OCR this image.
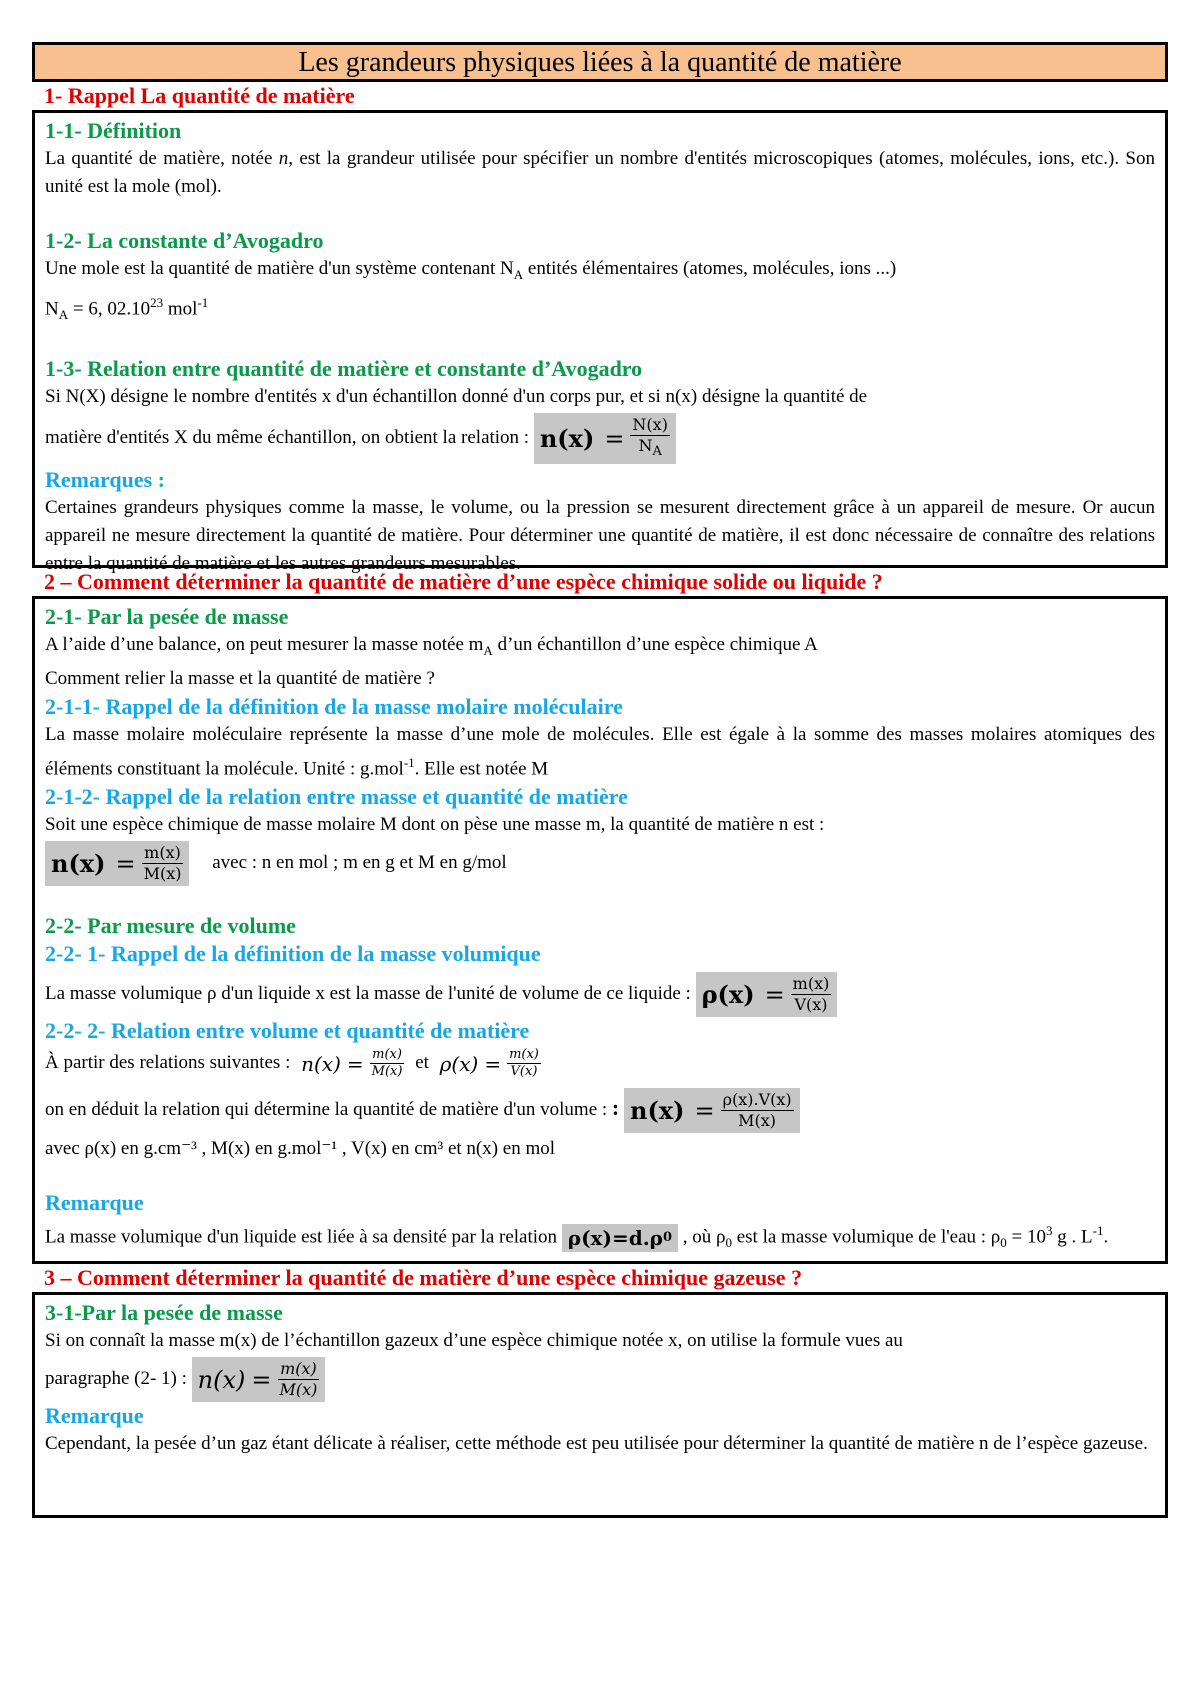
Les grandeurs physiques liées à la quantité de matière
1- Rappel La quantité de matière
1-1- Définition

La quantité de matière, notée n, est la grandeur utilisée pour spécifier un nombre d'entités microscopiques (atomes, molécules, ions, etc.). Son unité est la mole (mol).

1-2- La constante d’Avogadro

Une mole est la quantité de matière d'un système contenant $N_A$ entités élémentaires (atomes, molécules, ions ...)

$N_A = 6$, 02.10$^{23}$ mol$^{-1}$

1-3- Relation entre quantité de matière et constante d’Avogadro

Si N(X) désigne le nombre d'entités x d'un échantillon donné d'un corps pur, et si n(x) désigne la quantité de

matière d'entités X du même échantillon, on obtient la relation : $n(x) = \frac{N(x)}{N_A}$

Remarques :

Certaines grandeurs physiques comme la masse, le volume, ou la pression se mesurent directement grâce à un appareil de mesure. Or aucun appareil ne mesure directement la quantité de matière. Pour déterminer une quantité de matière, il est donc nécessaire de connaître des relations entre la quantité de matière et les autres grandeurs mesurables.

2 – Comment déterminer la quantité de matière d’une espèce chimique solide ou liquide ?
2-1- Par la pesée de masse

A l’aide d’une balance, on peut mesurer la masse notée $m_A$ d’un échantillon d’une espèce chimique A

Comment relier la masse et la quantité de matière ?

2-1-1- Rappel de la définition de la masse molaire moléculaire

La masse molaire moléculaire représente la masse d’une mole de molécules. Elle est égale à la somme des masses molaires atomiques des éléments constituant la molécule. Unité : g.mol$^{-1}$. Elle est notée M

2-1-2- Rappel de la relation entre masse et quantité de matière

Soit une espèce chimique de masse molaire M dont on pèse une masse m, la quantité de matière n est :

$n(x) = \frac{m(x)}{M(x)}$ avec : n en mol ; m en g et M en g/mol
2-2- Par mesure de volume
2-2- 1- Rappel de la définition de la masse volumique

La masse volumique ρ d'un liquide x est la masse de l'unité de volume de ce liquide : $\rho(x) = \frac{m(x)}{V(x)}$

2-2- 2- Relation entre volume et quantité de matière

À partir des relations suivantes : $n(x) = \frac{m(x)}{M(x)}$ et $\rho(x) = \frac{m(x)}{V(x)}$

on en déduit la relation qui détermine la quantité de matière d'un volume : : $n(x) = \frac{\rho(x).V(x)}{M(x)}$

avec ρ(x) en g.cm⁻³ , M(x) en g.mol⁻¹ , V(x) en cm³ et n(x) en mol

Remarque

La masse volumique d'un liquide est liée à sa densité par la relation ρ(x)=d.ρ 0 , où $\rho_0$ est la masse volumique de l'eau : $\rho_0 = 10^3$ g . $L^{-1}$.

3 – Comment déterminer la quantité de matière d’une espèce chimique gazeuse ?
3-1-Par la pesée de masse

Si on connaît la masse m(x) de l’échantillon gazeux d’une espèce chimique notée x, on utilise la formule vues au

paragraphe (2- 1) : $n(x) = \frac{m(x)}{M(x)}$

Remarque

Cependant, la pesée d’un gaz étant délicate à réaliser, cette méthode est peu utilisée pour déterminer la quantité de matière n de l’espèce gazeuse.
